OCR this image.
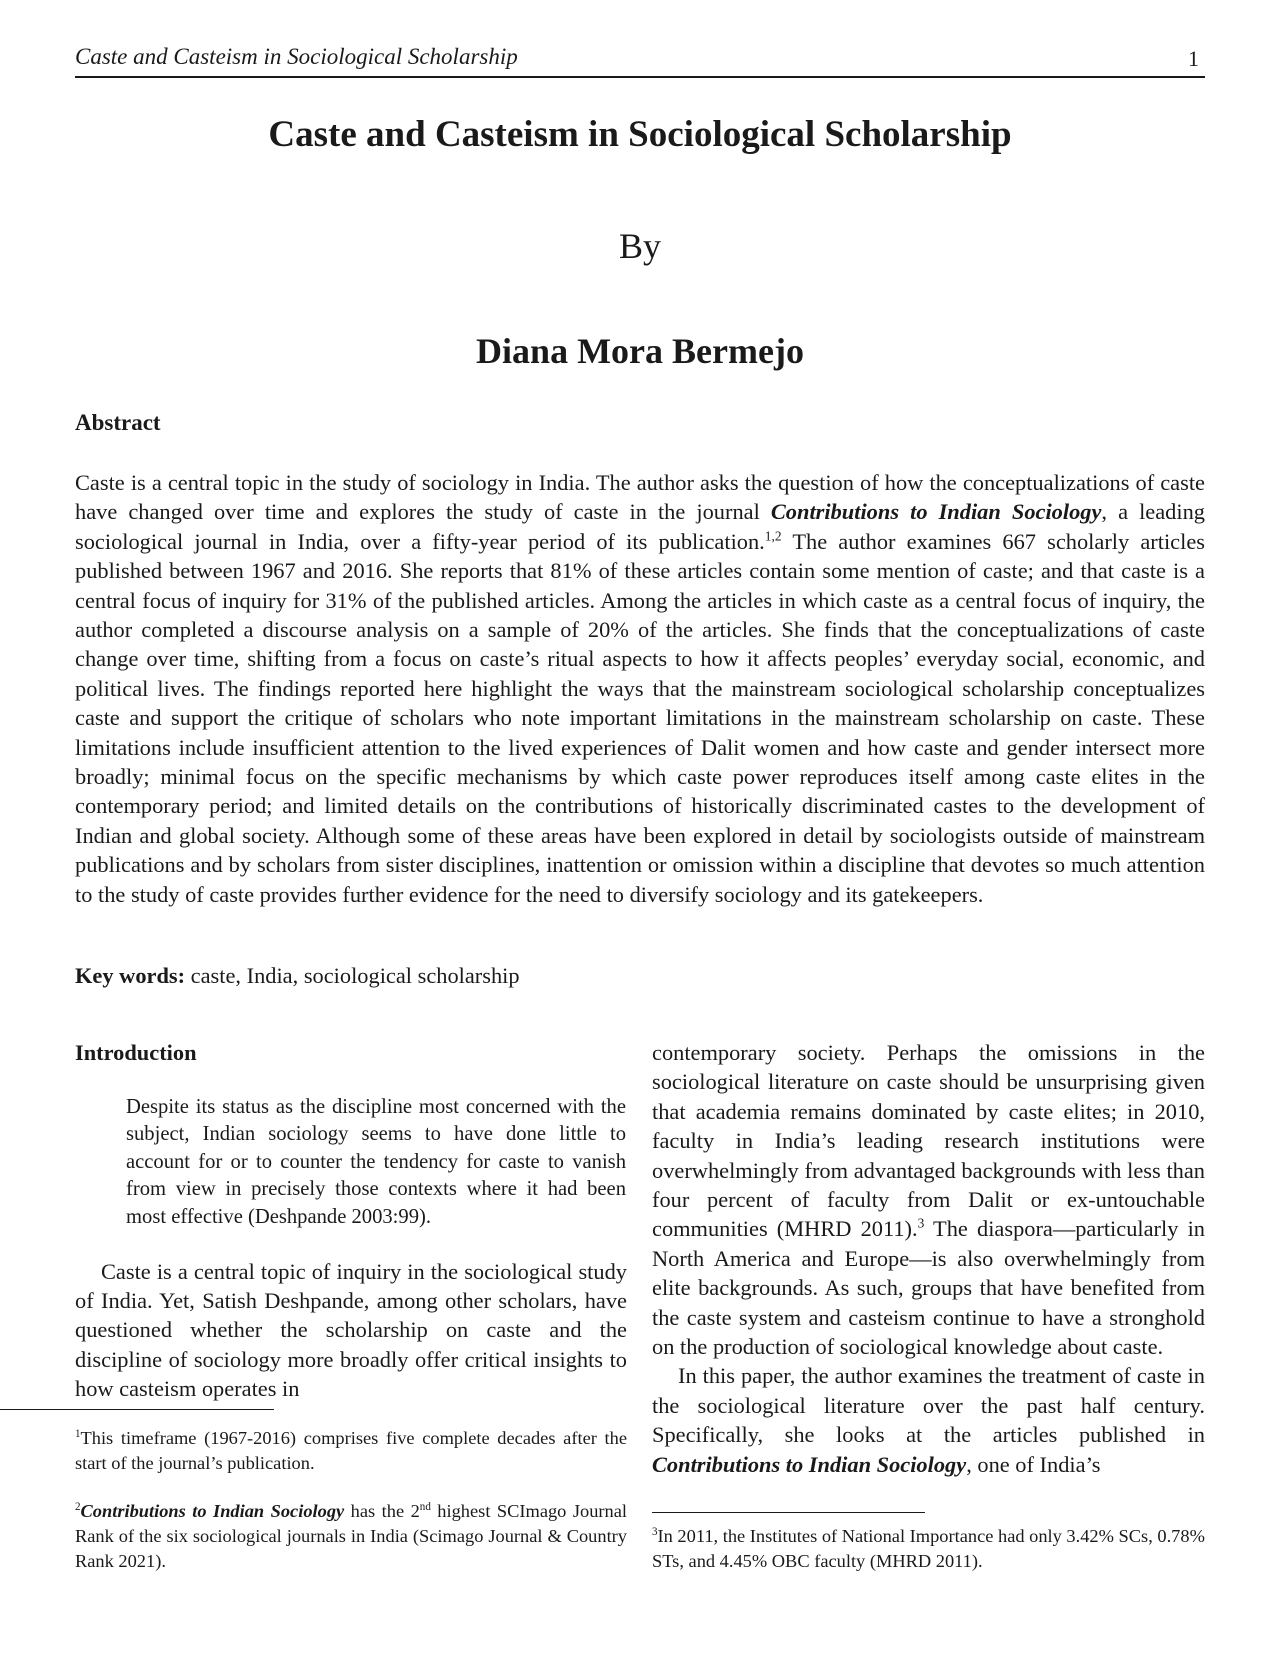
Caste and Casteism in Sociological Scholarship	1
Caste and Casteism in Sociological Scholarship
By
Diana Mora Bermejo
Abstract

Caste is a central topic in the study of sociology in India. The author asks the question of how the conceptualizations of caste have changed over time and explores the study of caste in the journal Contributions to Indian Sociology, a leading sociological journal in India, over a fifty-year period of its publication.$^{1,2}$ The author examines 667 scholarly articles published between 1967 and 2016. She reports that 81% of these articles contain some mention of caste; and that caste is a central focus of inquiry for 31% of the published articles. Among the articles in which caste as a central focus of inquiry, the author completed a discourse analysis on a sample of 20% of the articles. She finds that the conceptualizations of caste change over time, shifting from a focus on caste’s ritual aspects to how it affects peoples’ everyday social, economic, and political lives. The findings reported here highlight the ways that the mainstream sociological scholarship conceptualizes caste and support the critique of scholars who note important limitations in the mainstream scholarship on caste. These limitations include insufficient attention to the lived experiences of Dalit women and how caste and gender intersect more broadly; minimal focus on the specific mechanisms by which caste power reproduces itself among caste elites in the contemporary period; and limited details on the contributions of historically discriminated castes to the development of Indian and global society. Although some of these areas have been explored in detail by sociologists outside of mainstream publications and by scholars from sister disciplines, inattention or omission within a discipline that devotes so much attention to the study of caste provides further evidence for the need to diversify sociology and its gatekeepers.

Key words: caste, India, sociological scholarship
Introduction

Despite its status as the discipline most concerned with the subject, Indian sociology seems to have done little to account for or to counter the tendency for caste to vanish from view in precisely those contexts where it had been most effective (Deshpande 2003:99).

Caste is a central topic of inquiry in the sociological study of India. Yet, Satish Deshpande, among other scholars, have questioned whether the scholarship on caste and the discipline of sociology more broadly offer critical insights to how casteism operates in

$^1$This timeframe (1967-2016) comprises five complete decades after the start of the journal’s publication.

$^2$Contributions to Indian Sociology has the 2nd highest SCImago Journal Rank of the six sociological journals in India (Scimago Journal & Country Rank 2021).

contemporary society. Perhaps the omissions in the sociological literature on caste should be unsurprising given that academia remains dominated by caste elites; in 2010, faculty in India’s leading research institutions were overwhelmingly from advantaged backgrounds with less than four percent of faculty from Dalit or ex-untouchable communities (MHRD 2011).$^3$ The diaspora—particularly in North America and Europe—is also overwhelmingly from elite backgrounds. As such, groups that have benefited from the caste system and casteism continue to have a stronghold on the production of sociological knowledge about caste.

In this paper, the author examines the treatment of caste in the sociological literature over the past half century. Specifically, she looks at the articles published in Contributions to Indian Sociology, one of India’s

$^3$In 2011, the Institutes of National Importance had only 3.42% SCs, 0.78% STs, and 4.45% OBC faculty (MHRD 2011).
